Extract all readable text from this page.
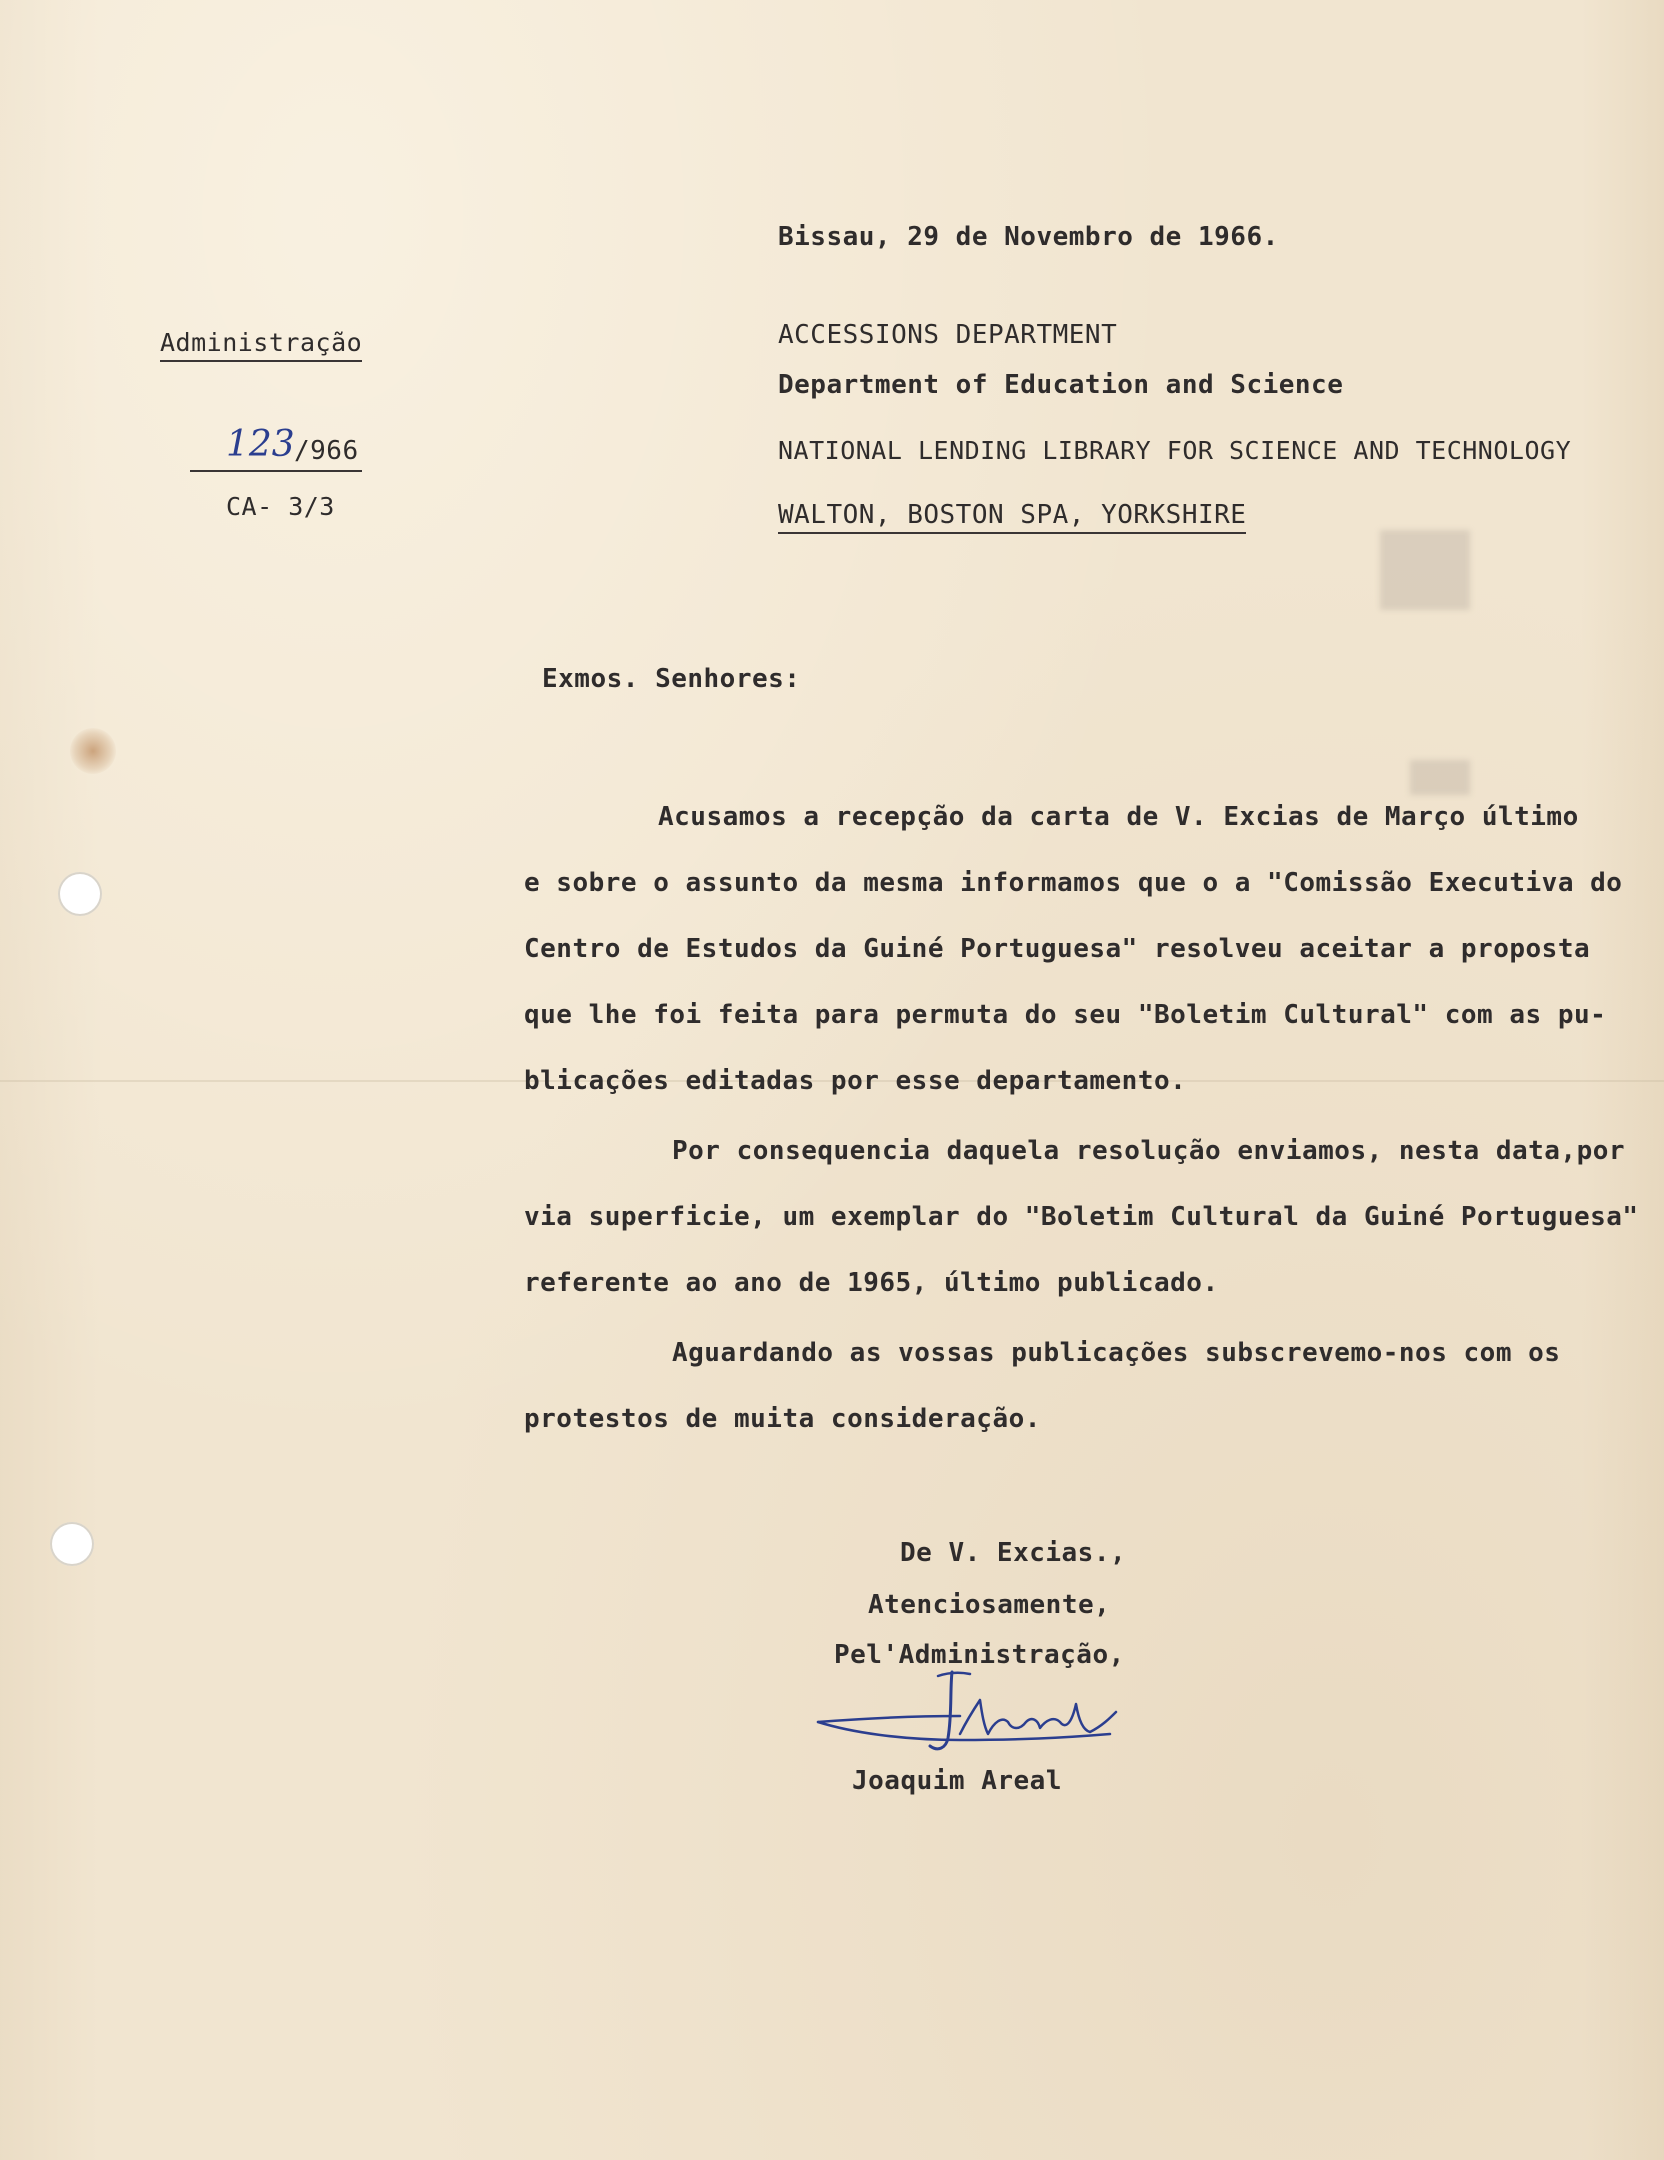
Bissau, 29 de Novembro de 1966.
Administração
123 /966
CA- 3/3
ACCESSIONS DEPARTMENT
Department of Education and Science
NATIONAL LENDING LIBRARY FOR SCIENCE AND TECHNOLOGY
WALTON, BOSTON SPA, YORKSHIRE
Exmos. Senhores:
Acusamos a recepção da carta de V. Excias de Março último
e sobre o assunto da mesma informamos que o a "Comissão Executiva do
Centro de Estudos da Guiné Portuguesa" resolveu aceitar a proposta
que lhe foi feita para permuta do seu "Boletim Cultural" com as pu-
blicações editadas por esse departamento.
Por consequencia daquela resolução enviamos, nesta data,por
via superficie, um exemplar do "Boletim Cultural da Guiné Portuguesa"
referente ao ano de 1965, último publicado.
Aguardando as vossas publicações subscrevemo-nos com os
protestos de muita consideração.
De V. Excias.,
Atenciosamente,
Pel'Administração,
Joaquim Areal
